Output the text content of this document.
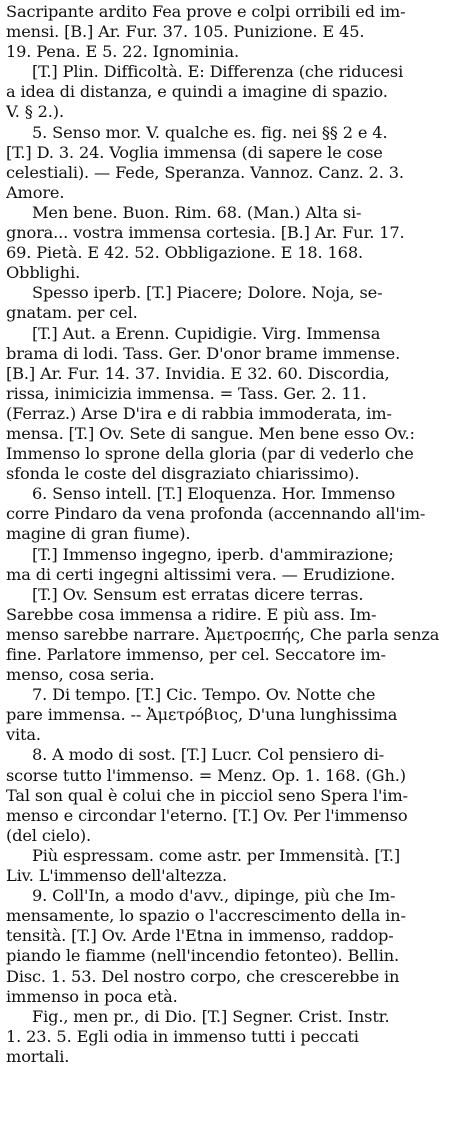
Sacripante ardito Fea prove e colpi orribili ed im-
mensi. [B.] Ar. Fur. 37. 105. Punizione. E 45.
19. Pena. E 5. 22. Ignominia.
[T.] Plin. Difficoltà. E: Differenza (che riducesi
a idea di distanza, e quindi a imagine di spazio.
V. § 2.).
5. Senso mor. V. qualche es. fig. nei §§ 2 e 4.
[T.] D. 3. 24. Voglia immensa (di sapere le cose
celestiali). — Fede, Speranza. Vannoz. Canz. 2. 3.
Amore.
Men bene. Buon. Rim. 68. (Man.) Alta si-
gnora... vostra immensa cortesia. [B.] Ar. Fur. 17.
69. Pietà. E 42. 52. Obbligazione. E 18. 168.
Obblighi.
Spesso iperb. [T.] Piacere; Dolore. Noja, se-
gnatam. per cel.
[T.] Aut. a Erenn. Cupidigie. Virg. Immensa
brama di lodi. Tass. Ger. D'onor brame immense.
[B.] Ar. Fur. 14. 37. Invidia. E 32. 60. Discordia,
rissa, inimicizia immensa. = Tass. Ger. 2. 11.
(Ferraz.) Arse D'ira e di rabbia immoderata, im-
mensa. [T.] Ov. Sete di sangue. Men bene esso Ov.:
Immenso lo sprone della gloria (par di vederlo che
sfonda le coste del disgraziato chiarissimo).
6. Senso intell. [T.] Eloquenza. Hor. Immenso
corre Pindaro da vena profonda (accennando all'im-
magine di gran fiume).
[T.] Immenso ingegno, iperb. d'ammirazione;
ma di certi ingegni altissimi vera. — Erudizione.
[T.] Ov. Sensum est erratas dicere terras.
Sarebbe cosa immensa a ridire. E più ass. Im-
menso sarebbe narrare. Ἀμετροεπής, Che parla senza
fine. Parlatore immenso, per cel. Seccatore im-
menso, cosa seria.
7. Di tempo. [T.] Cic. Tempo. Ov. Notte che
pare immensa. -- Ἀμετρόβιος, D'una lunghissima
vita.
8. A modo di sost. [T.] Lucr. Col pensiero di-
scorse tutto l'immenso. = Menz. Op. 1. 168. (Gh.)
Tal son qual è colui che in picciol seno Spera l'im-
menso e circondar l'eterno. [T.] Ov. Per l'immenso
(del cielo).
Più espressam. come astr. per Immensità. [T.]
Liv. L'immenso dell'altezza.
9. Coll'In, a modo d'avv., dipinge, più che Im-
mensamente, lo spazio o l'accrescimento della in-
tensità. [T.] Ov. Arde l'Etna in immenso, raddop-
piando le fiamme (nell'incendio fetonteo). Bellin.
Disc. 1. 53. Del nostro corpo, che crescerebbe in
immenso in poca età.
Fig., men pr., di Dio. [T.] Segner. Crist. Instr.
1. 23. 5. Egli odia in immenso tutti i peccati
mortali.
